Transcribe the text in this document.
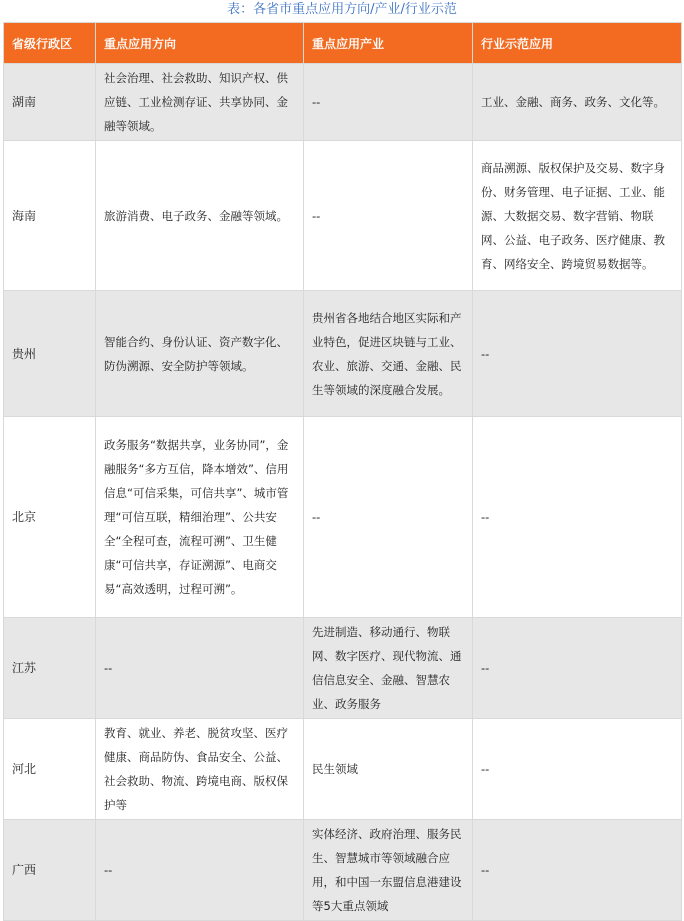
表：各省市重点应用方向/产业/行业示范
省级行政区	重点应用方向	重点应用产业	行业示范应用
湖南	社会治理、社会救助、知识产权、供应链、工业检测存证、共享协同、金融等领域。	--	工业、金融、商务、政务、文化等。
海南	旅游消费、电子政务、金融等领域。	--	商品溯源、版权保护及交易、数字身份、财务管理、电子证据、工业、能源、大数据交易、数字营销、物联网、公益、电子政务、医疗健康、教育、网络安全、跨境贸易数据等。
贵州	智能合约、身份认证、资产数字化、防伪溯源、安全防护等领域。	贵州省各地结合地区实际和产业特色，促进区块链与工业、农业、旅游、交通、金融、民生等领域的深度融合发展。	--
北京	政务服务“数据共享，业务协同”，金融服务“多方互信，降本增效”、信用信息“可信采集，可信共享”、城市管理“可信互联，精细治理”、公共安全“全程可查，流程可溯”、卫生健康“可信共享，存证溯源”、电商交易“高效透明，过程可溯”。	--	--
江苏	--	先进制造、移动通行、物联网、数字医疗、现代物流、通信信息安全、金融、智慧农业、政务服务	--
河北	教育、就业、养老、脱贫攻坚、医疗健康、商品防伪、食品安全、公益、社会救助、物流、跨境电商、版权保护等	民生领域	--
广西	--	实体经济、政府治理、服务民生、智慧城市等领域融合应用，和中国一东盟信息港建设等5大重点领域	--
